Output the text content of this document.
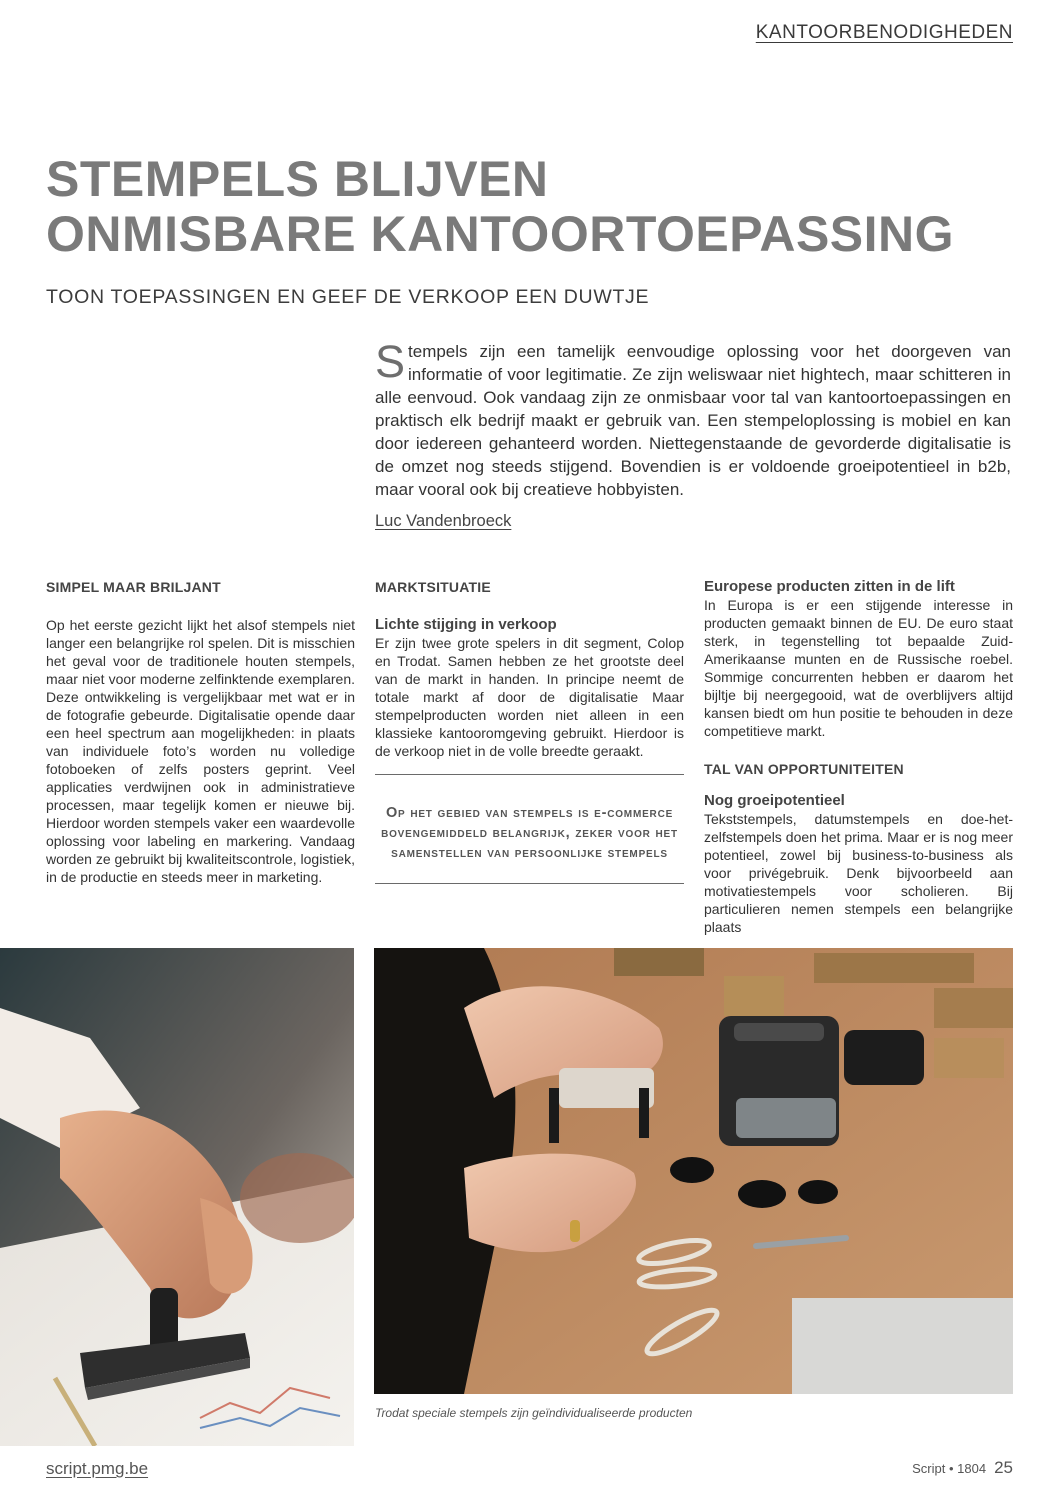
KANTOORBENODIGHEDEN
STEMPELS BLIJVEN
ONMISBARE KANTOORTOEPASSING
TOON TOEPASSINGEN EN GEEF DE VERKOOP EEN DUWTJE
Stempels zijn een tamelijk eenvoudige oplossing voor het doorgeven van informatie of voor legitimatie. Ze zijn weliswaar niet hightech, maar schitteren in alle eenvoud. Ook vandaag zijn ze onmisbaar voor tal van kantoortoepassingen en praktisch elk bedrijf maakt er gebruik van. Een stempeloplossing is mobiel en kan door iedereen gehanteerd worden. Niettegenstaande de gevorderde digitalisatie is de omzet nog steeds stijgend. Bovendien is er voldoende groeipotentieel in b2b, maar vooral ook bij creatieve hobbyisten.
Luc Vandenbroeck
SIMPEL MAAR BRILJANT

Op het eerste gezicht lijkt het alsof stempels niet langer een belangrijke rol spelen. Dit is misschien het geval voor de traditionele houten stempels, maar niet voor moderne zelfinktende exemplaren. Deze ontwikkeling is vergelijkbaar met wat er in de fotografie gebeurde. Digitalisatie opende daar een heel spectrum aan mogelijkheden: in plaats van individuele foto’s worden nu volledige fotoboeken of zelfs posters geprint. Veel applicaties verdwijnen ook in administratieve processen, maar tegelijk komen er nieuwe bij. Hierdoor worden stempels vaker een waardevolle oplossing voor labeling en markering. Vandaag worden ze gebruikt bij kwaliteitscontrole, logistiek, in de productie en steeds meer in marketing.

MARKTSITUATIE
Lichte stijging in verkoop

Er zijn twee grote spelers in dit segment, Colop en Trodat. Samen hebben ze het grootste deel van de markt in handen. In principe neemt de totale markt af door de digitalisatie Maar stempelproducten worden niet alleen in een klassieke kantooromgeving gebruikt. Hierdoor is de verkoop niet in de volle breedte geraakt.

Op het gebied van stempels is e-commerce bovengemiddeld belangrijk, zeker voor het samenstellen van persoonlijke stempels
Europese producten zitten in de lift

In Europa is er een stijgende interesse in producten gemaakt binnen de EU. De euro staat sterk, in tegenstelling tot bepaalde Zuid-Amerikaanse munten en de Russische roebel. Sommige concurrenten hebben er daarom het bijltje bij neergegooid, wat de overblijvers altijd kansen biedt om hun positie te behouden in deze competitieve markt.

TAL VAN OPPORTUNITEITEN
Nog groeipotentieel

Tekststempels, datumstempels en doe-het-zelfstempels doen het prima. Maar er is nog meer potentieel, zowel bij business-to-business als voor privégebruik. Denk bijvoorbeeld aan motivatiestempels voor scholieren. Bij particulieren nemen stempels een belangrijke plaats

Trodat speciale stempels zijn geïndividualiseerde producten
script.pmg.be	Script • 1804 25
